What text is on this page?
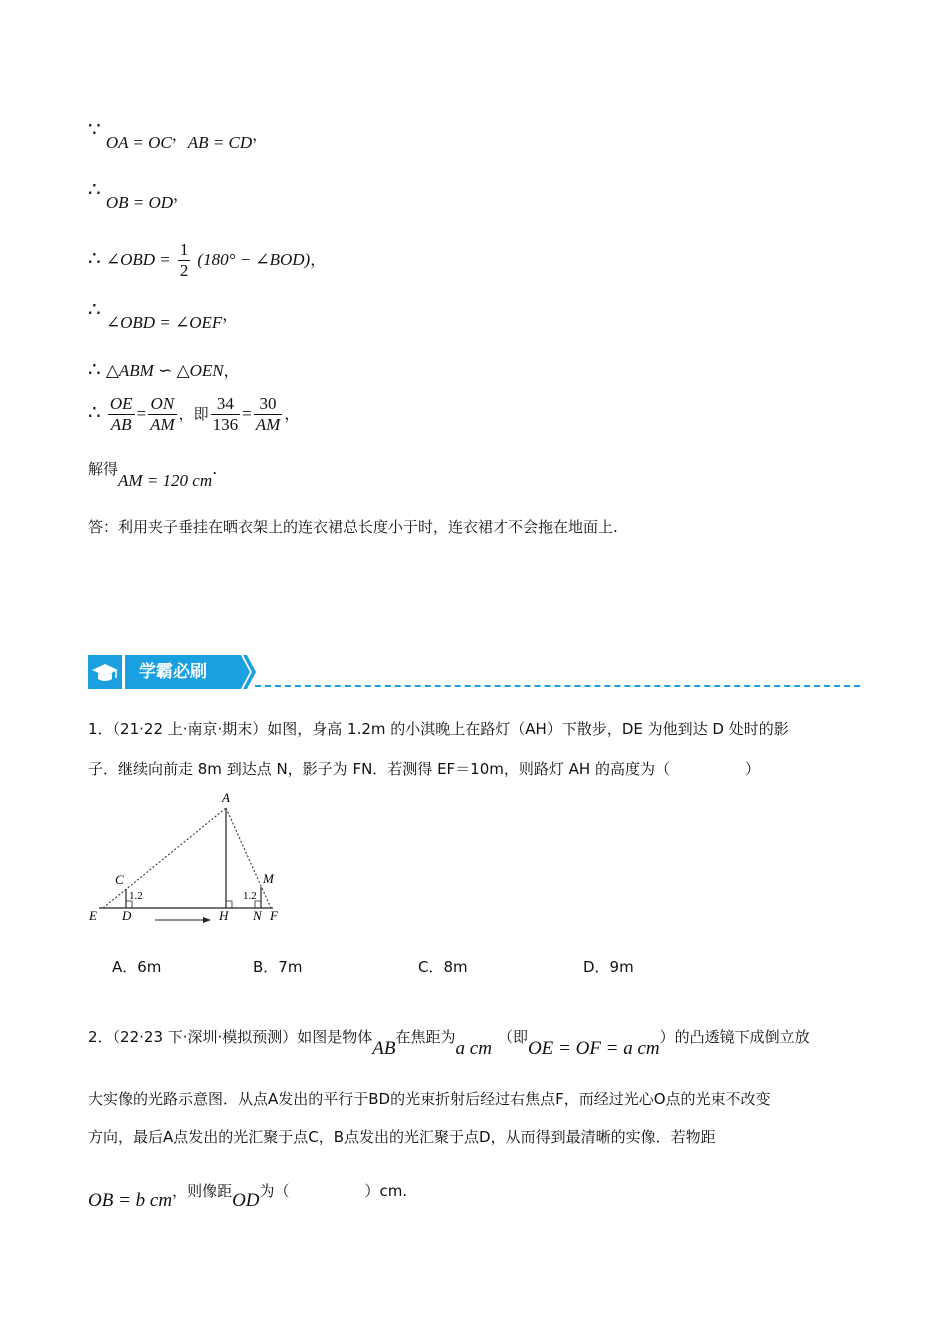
∵ OA = OC，AB = CD，
∴ OB = OD，
∴ ∠OBD = $\frac{1}{2} (180^\circ$ − ∠BOD)，
∴ ∠OBD = ∠OEF，
∴ △ABM ∽ △OEN，
∴ $\frac{OE}{AB} = \frac{ON}{AM}$ ，即 $\frac{34}{136} = \frac{30}{AM}$ ，
解得AM = 120 cm.
答：利用夹子垂挂在晒衣架上的连衣裙总长度小于时，连衣裙才不会拖在地面上.
学霸必刷
1．（21·22 上·南京·期末）如图，身高 1.2m 的小淇晚上在路灯（AH）下散步，DE 为他到达 D 处时的影
子．继续向前走 8m 到达点 N，影子为 FN．若测得 EF＝10m，则路灯 AH 的高度为（　　　　　）
A
C	M
E D	H N F
1.2	1.2
A．6m	B．7m	C．8m	D．9m
2．（22·23 下·深圳·模拟预测）如图是物体AB在焦距为a cm（即OE = OF = a cm）的凸透镜下成倒立放
大实像的光路示意图．从点A发出的平行于BD的光束折射后经过右焦点F，而经过光心O点的光束不改变
方向，最后A点发出的光汇聚于点C，B点发出的光汇聚于点D，从而得到最清晰的实像．若物距
OB = b cm，则像距OD为（　　　　　）cm.
